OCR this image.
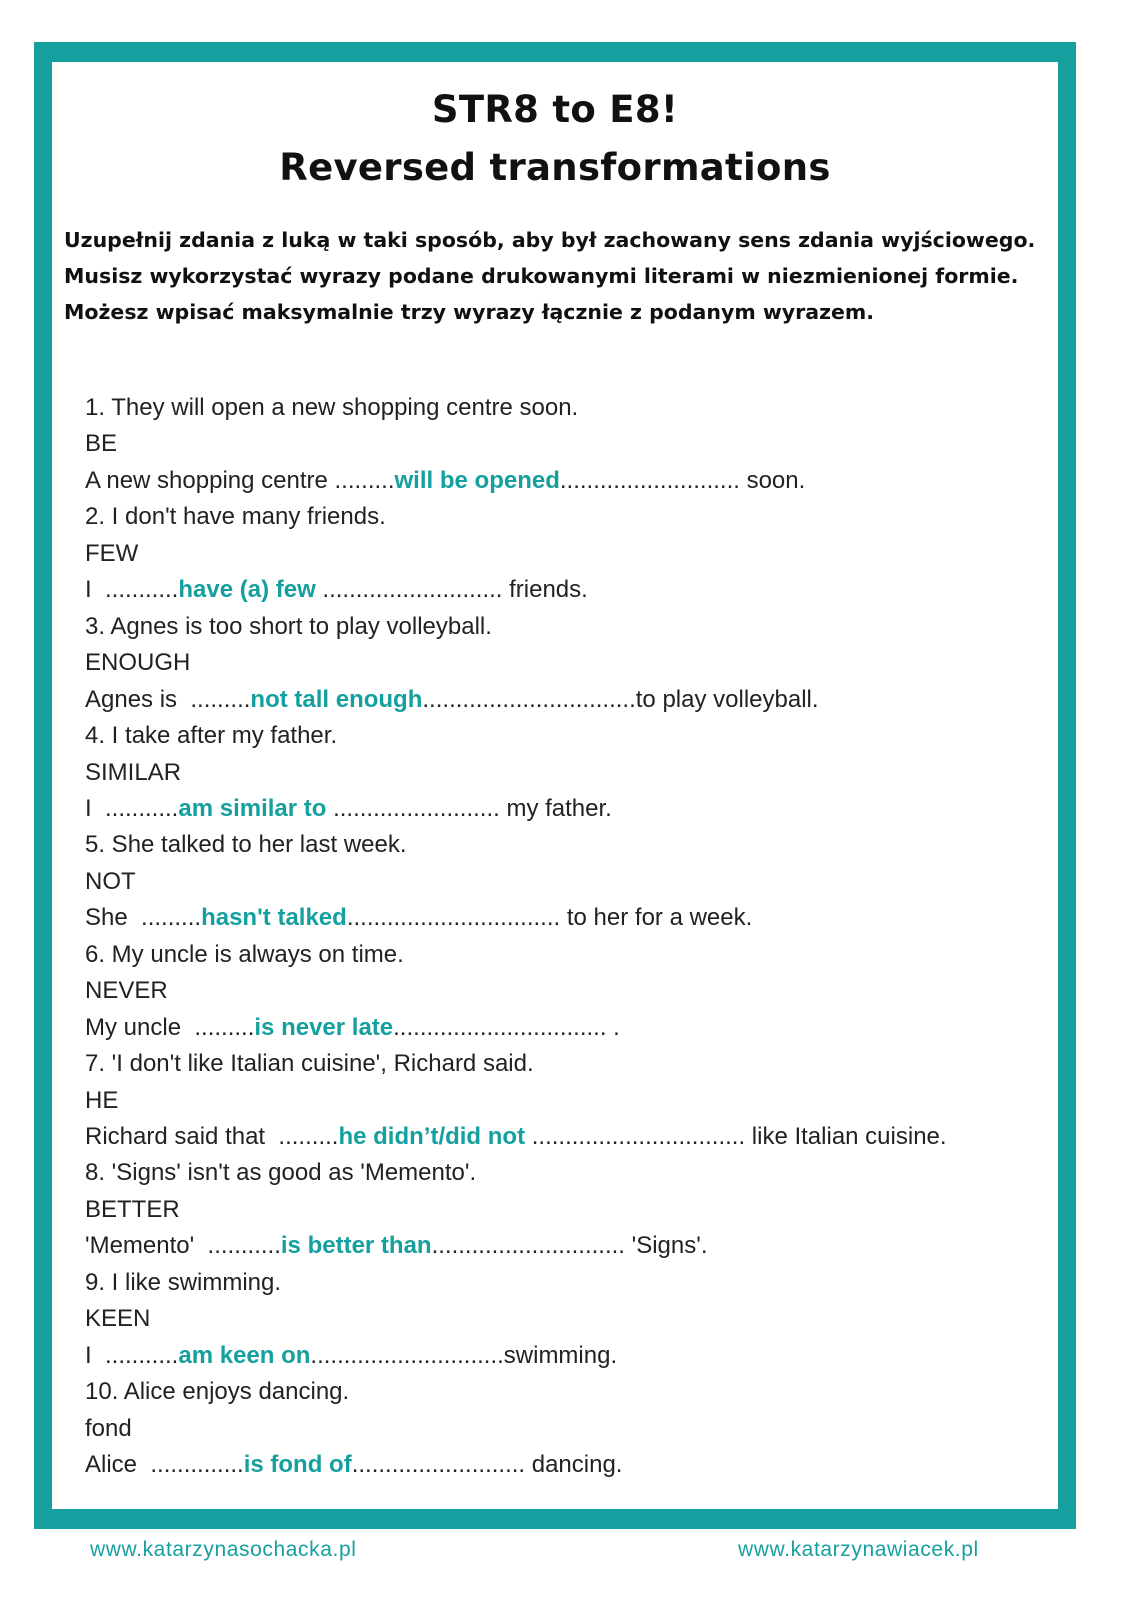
STR8 to E8!
Reversed transformations
Uzupełnij zdania z luką w taki sposób, aby był zachowany sens zdania wyjściowego.
Musisz wykorzystać wyrazy podane drukowanymi literami w niezmienionej formie.
Możesz wpisać maksymalnie trzy wyrazy łącznie z podanym wyrazem.
1. They will open a new shopping centre soon.
BE
A new shopping centre .........will be opened........................... soon.
2. I don't have many friends.
FEW
I  ...........have (a) few ........................... friends.
3. Agnes is too short to play volleyball.
ENOUGH
Agnes is  .........not tall enough................................to play volleyball.
4. I take after my father.
SIMILAR
I  ...........am similar to ......................... my father.
5. She talked to her last week.
NOT
She  .........hasn't talked................................ to her for a week.
6. My uncle is always on time.
NEVER
My uncle  .........is never late................................ .
7. 'I don't like Italian cuisine', Richard said.
HE
Richard said that  .........he didn’t/did not ................................ like Italian cuisine.
8. 'Signs' isn't as good as 'Memento'.
BETTER
'Memento'  ...........is better than............................. 'Signs'.
9. I like swimming.
KEEN
I  ...........am keen on.............................swimming.
10. Alice enjoys dancing.
fond
Alice  ..............is fond of.......................... dancing.
www.katarzynasochacka.pl	www.katarzynawiacek.pl
